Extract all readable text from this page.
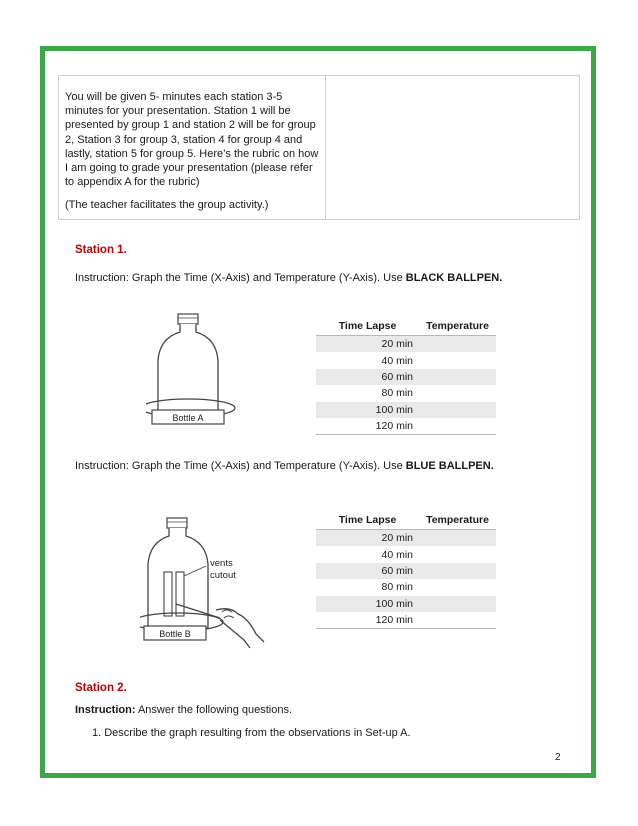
You will be given 5- minutes each station 3-5 minutes for your presentation. Station 1 will be presented by group 1 and station 2 will be for group 2, Station 3 for group 3, station 4 for group 4 and lastly, station 5 for group 5. Here’s the rubric on how I am going to grade your presentation (please refer to appendix A for the rubric)
(The teacher facilitates the group activity.)
Station 1.
Instruction: Graph the Time (X-Axis) and Temperature (Y-Axis). Use BLACK BALLPEN.
Bottle A
Time Lapse	Temperature
20 min	
40 min	
60 min	
80 min	
100 min	
120 min	
Instruction: Graph the Time (X-Axis) and Temperature (Y-Axis). Use BLUE BALLPEN.
vents
cutout
Bottle B
Time Lapse	Temperature
20 min	
40 min	
60 min	
80 min	
100 min	
120 min	
Station 2.
Instruction: Answer the following questions.
1. Describe the graph resulting from the observations in Set-up A.
2
